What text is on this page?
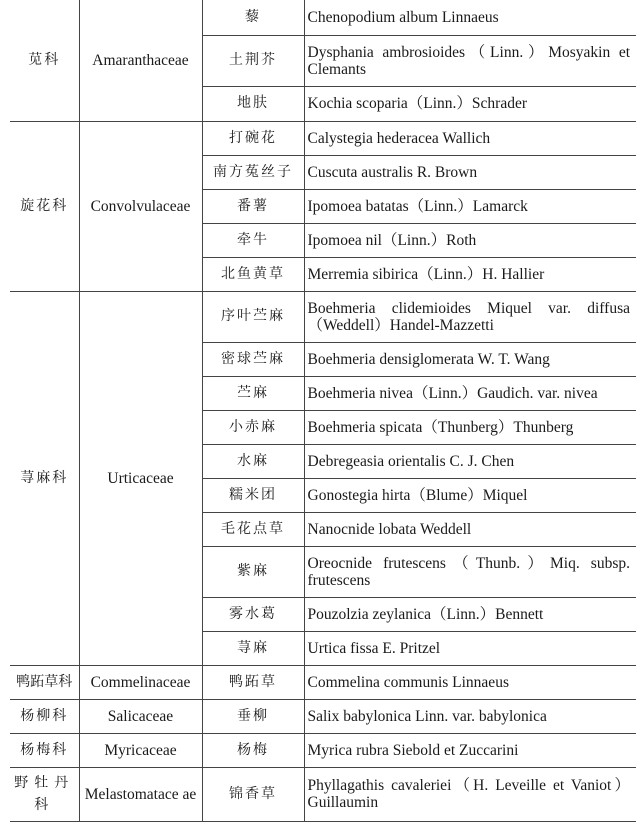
苋科	Amaranthaceae	藜	Chenopodium album Linnaeus
		土荆芥	Dysphania ambrosioides（Linn.）Mosyakin et Clemants
		地肤	Kochia scoparia（Linn.）Schrader
旋花科	Convolvulaceae	打碗花	Calystegia hederacea Wallich
		南方菟丝子	Cuscuta australis R. Brown
		番薯	Ipomoea batatas（Linn.）Lamarck
		牵牛	Ipomoea nil（Linn.）Roth
		北鱼黄草	Merremia sibirica（Linn.）H. Hallier
荨麻科	Urticaceae	序叶苎麻	Boehmeria clidemioides Miquel var. diffusa（Weddell）Handel-Mazzetti
		密球苎麻	Boehmeria densiglomerata W. T. Wang
		苎麻	Boehmeria nivea（Linn.）Gaudich. var. nivea
		小赤麻	Boehmeria spicata（Thunberg）Thunberg
		水麻	Debregeasia orientalis C. J. Chen
		糯米团	Gonostegia hirta（Blume）Miquel
		毛花点草	Nanocnide lobata Weddell
		紫麻	Oreocnide frutescens（Thunb.）Miq. subsp. frutescens
		雾水葛	Pouzolzia zeylanica（Linn.）Bennett
		荨麻	Urtica fissa E. Pritzel
鸭跖草科	Commelinaceae	鸭跖草	Commelina communis Linnaeus
杨柳科	Salicaceae	垂柳	Salix babylonica Linn. var. babylonica
杨梅科	Myricaceae	杨梅	Myrica rubra Siebold et Zuccarini
野牡丹科	Melastomatace ae	锦香草	Phyllagathis cavaleriei（H. Leveille et Vaniot）Guillaumin
